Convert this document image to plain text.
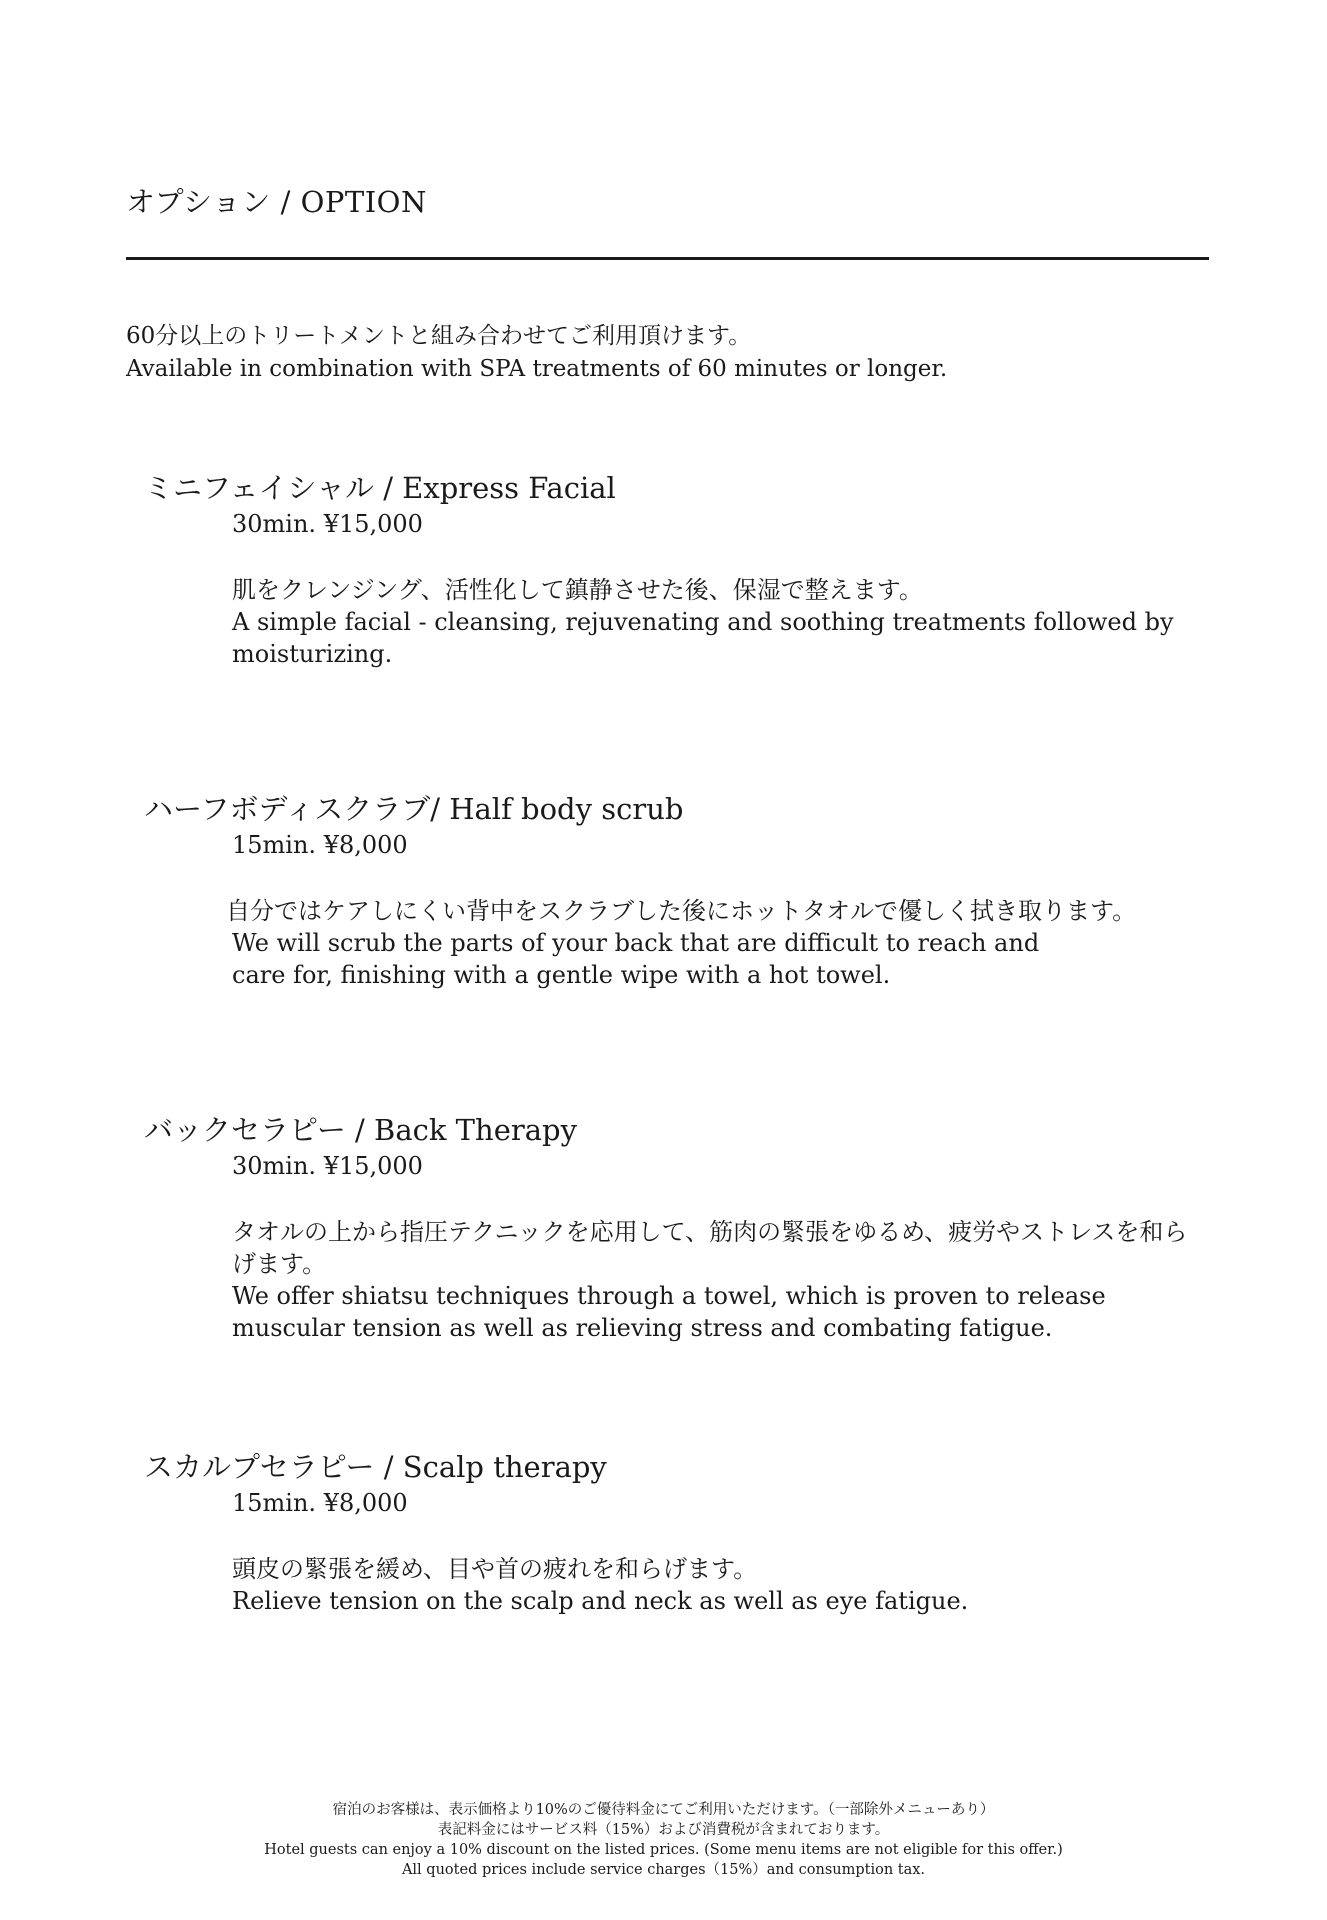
オプション / OPTION
60分以上のトリートメントと組み合わせてご利用頂けます。
Available in combination with SPA treatments of 60 minutes or longer.
ミニフェイシャル / Express Facial
30min. ¥15,000
肌をクレンジング、活性化して鎮静させた後、保湿で整えます。
A simple facial - cleansing, rejuvenating and soothing treatments followed by moisturizing.
ハーフボディスクラブ/ Half body scrub
15min. ¥8,000
自分ではケアしにくい背中をスクラブした後にホットタオルで優しく拭き取ります。
We will scrub the parts of your back that are difficult to reach and care for, finishing with a gentle wipe with a hot towel.
バックセラピー / Back Therapy
30min. ¥15,000
タオルの上から指圧テクニックを応用して、筋肉の緊張をゆるめ、疲労やストレスを和らげます。
We offer shiatsu techniques through a towel, which is proven to release muscular tension as well as relieving stress and combating fatigue.
スカルプセラピー / Scalp therapy
15min. ¥8,000
頭皮の緊張を緩め、目や首の疲れを和らげます。
Relieve tension on the scalp and neck as well as eye fatigue.
宿泊のお客様は、表示価格より10%のご優待料金にてご利用いただけます。（一部除外メニューあり）
表記料金にはサービス料（15%）および消費税が含まれております。
Hotel guests can enjoy a 10% discount on the listed prices. (Some menu items are not eligible for this offer.)
All quoted prices include service charges（15%）and consumption tax.
